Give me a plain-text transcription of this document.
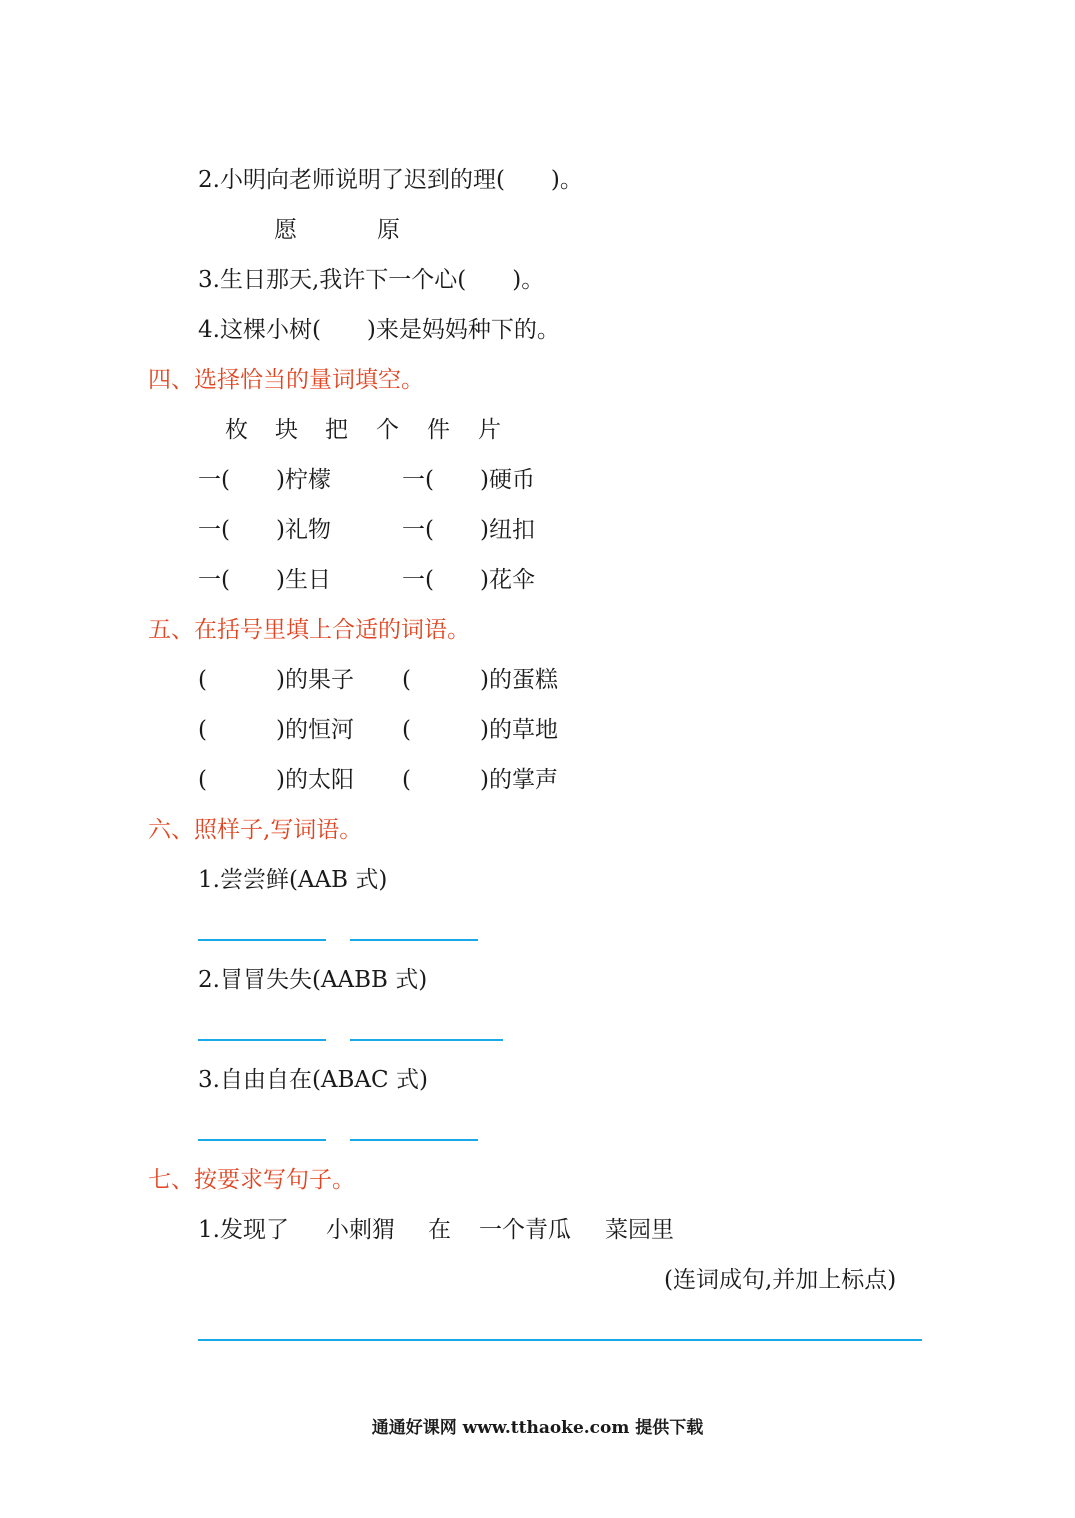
2.小明向老师说明了迟到的理(　　)。
愿	原
3.生日那天,我许下一个心(　　)。
4.这棵小树(　　)来是妈妈种下的。
四、选择恰当的量词填空。
枚 块 把 个 件 片
一(　　)柠檬	一(　　)硬币
一(　　)礼物	一(　　)纽扣
一(　　)生日	一(　　)花伞
五、在括号里填上合适的词语。
(　　　)的果子 (　　　)的蛋糕
(　　　)的恒河 (　　　)的草地
(　　　)的太阳 (　　　)的掌声
六、照样子,写词语。
1.尝尝鲜(AAB 式)
2.冒冒失失(AABB 式)
3.自由自在(ABAC 式)
七、按要求写句子。
1.发现了 小刺猬 在 一个青瓜 菜园里
(连词成句,并加上标点)
通通好课网 www.tthaoke.com 提供下载
